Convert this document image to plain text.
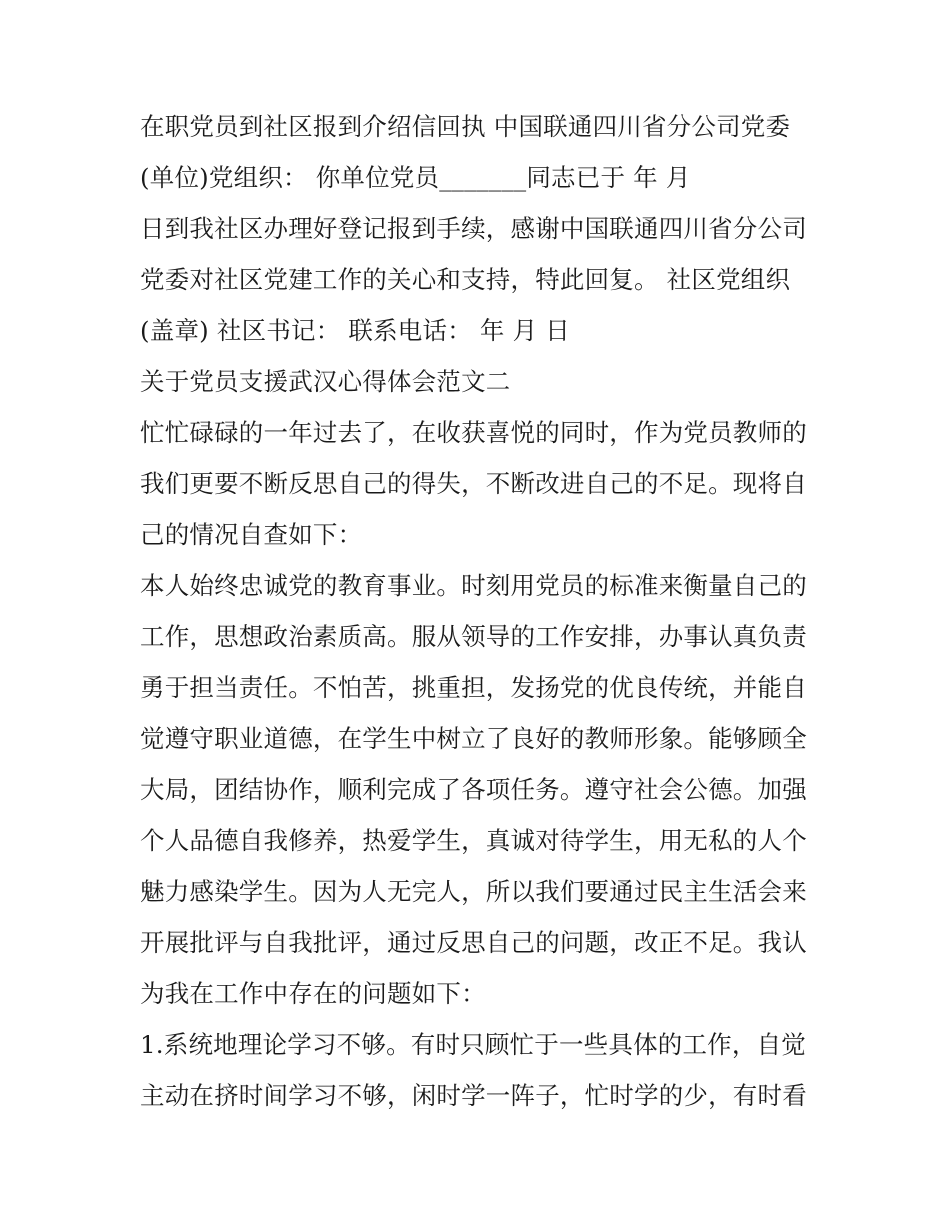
在职党员到社区报到介绍信回执 中国联通四川省分公司党委
(单位)党组织： 你单位党员_______同志已于 年 月
日到我社区办理好登记报到手续，感谢中国联通四川省分公司
党委对社区党建工作的关心和支持，特此回复。 社区党组织
(盖章) 社区书记： 联系电话： 年 月 日
关于党员支援武汉心得体会范文二
忙忙碌碌的一年过去了，在收获喜悦的同时，作为党员教师的
我们更要不断反思自己的得失，不断改进自己的不足。现将自
己的情况自查如下：
本人始终忠诚党的教育事业。时刻用党员的标准来衡量自己的
工作，思想政治素质高。服从领导的工作安排，办事认真负责
勇于担当责任。不怕苦，挑重担，发扬党的优良传统，并能自
觉遵守职业道德，在学生中树立了良好的教师形象。能够顾全
大局，团结协作，顺利完成了各项任务。遵守社会公德。加强
个人品德自我修养，热爱学生，真诚对待学生，用无私的人个
魅力感染学生。因为人无完人，所以我们要通过民主生活会来
开展批评与自我批评，通过反思自己的问题，改正不足。我认
为我在工作中存在的问题如下：
1.系统地理论学习不够。有时只顾忙于一些具体的工作，自觉
主动在挤时间学习不够，闲时学一阵子，忙时学的少，有时看
